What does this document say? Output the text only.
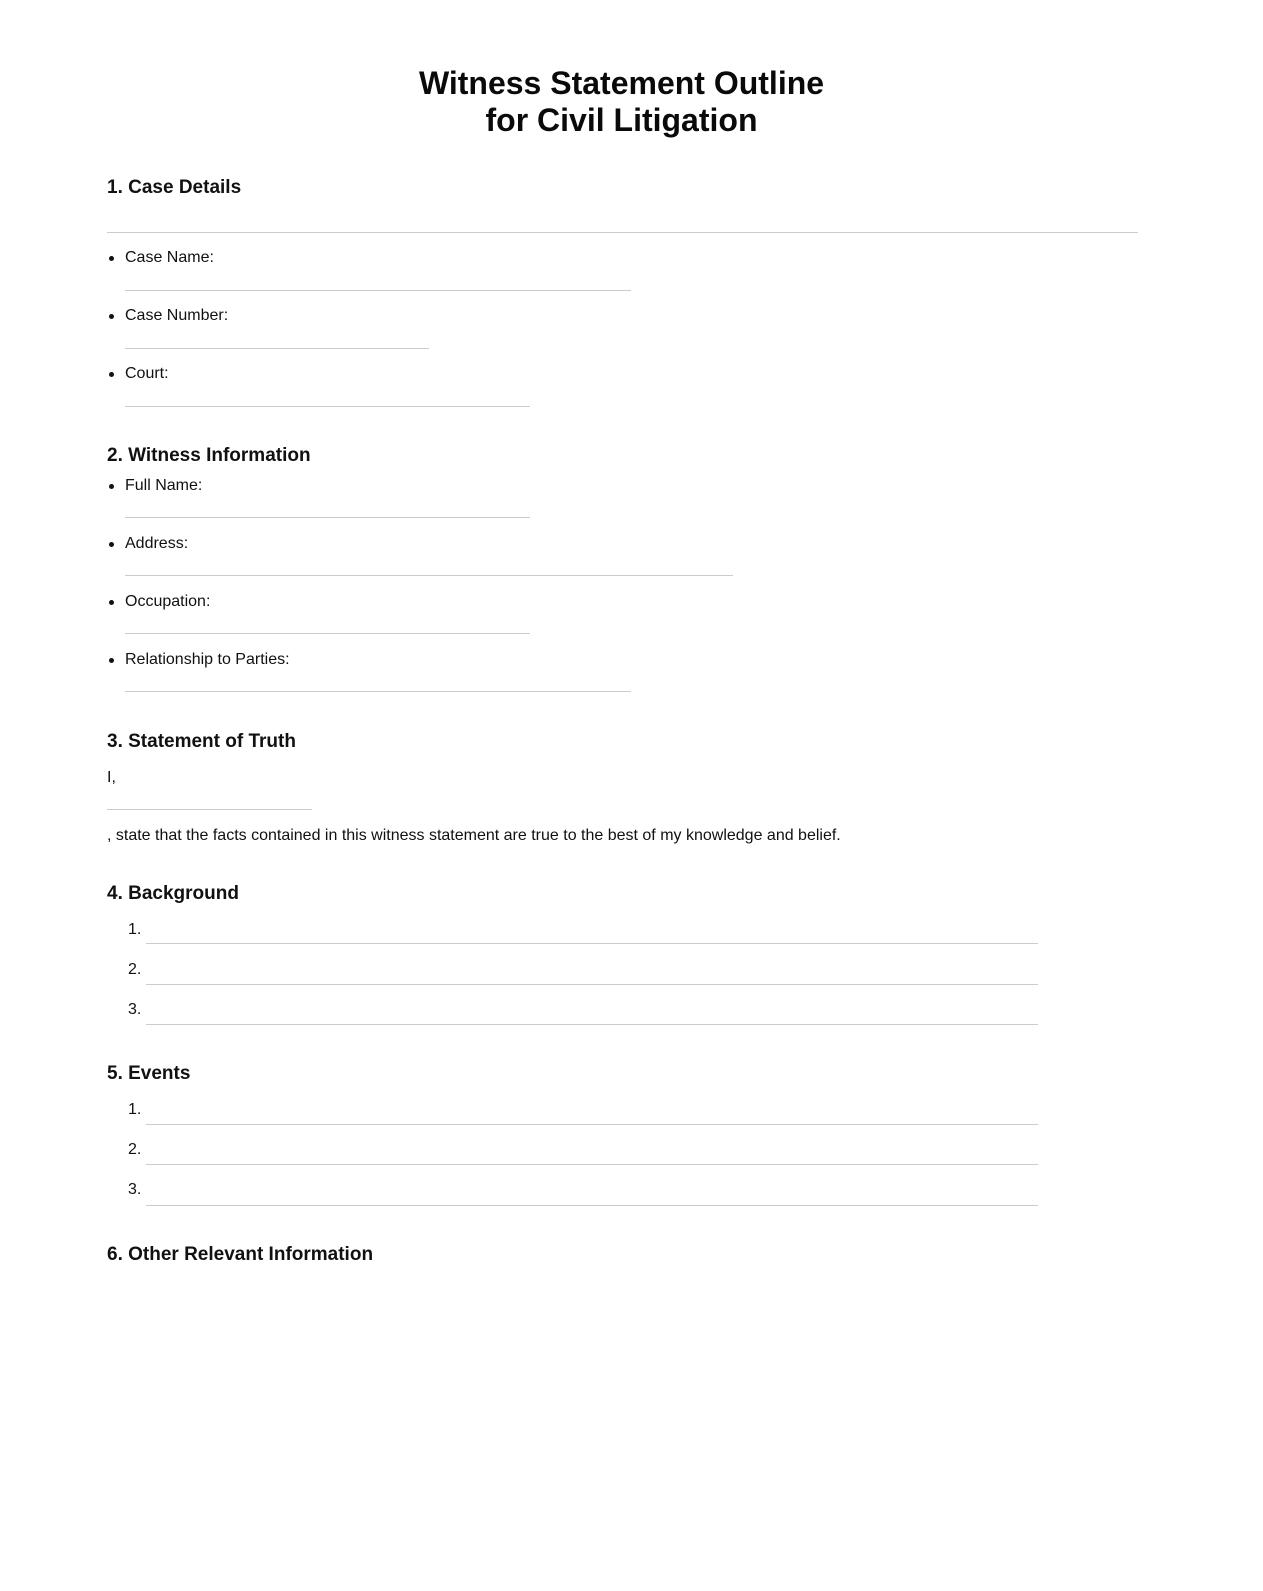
Witness Statement Outline
for Civil Litigation
1. Case Details
Case Name:
Case Number:
Court:
2. Witness Information
Full Name:
Address:
Occupation:
Relationship to Parties:
3. Statement of Truth
I,
, state that the facts contained in this witness statement are true to the best of my knowledge and belief.
4. Background
1.
2.
3.
5. Events
1.
2.
3.
6. Other Relevant Information
